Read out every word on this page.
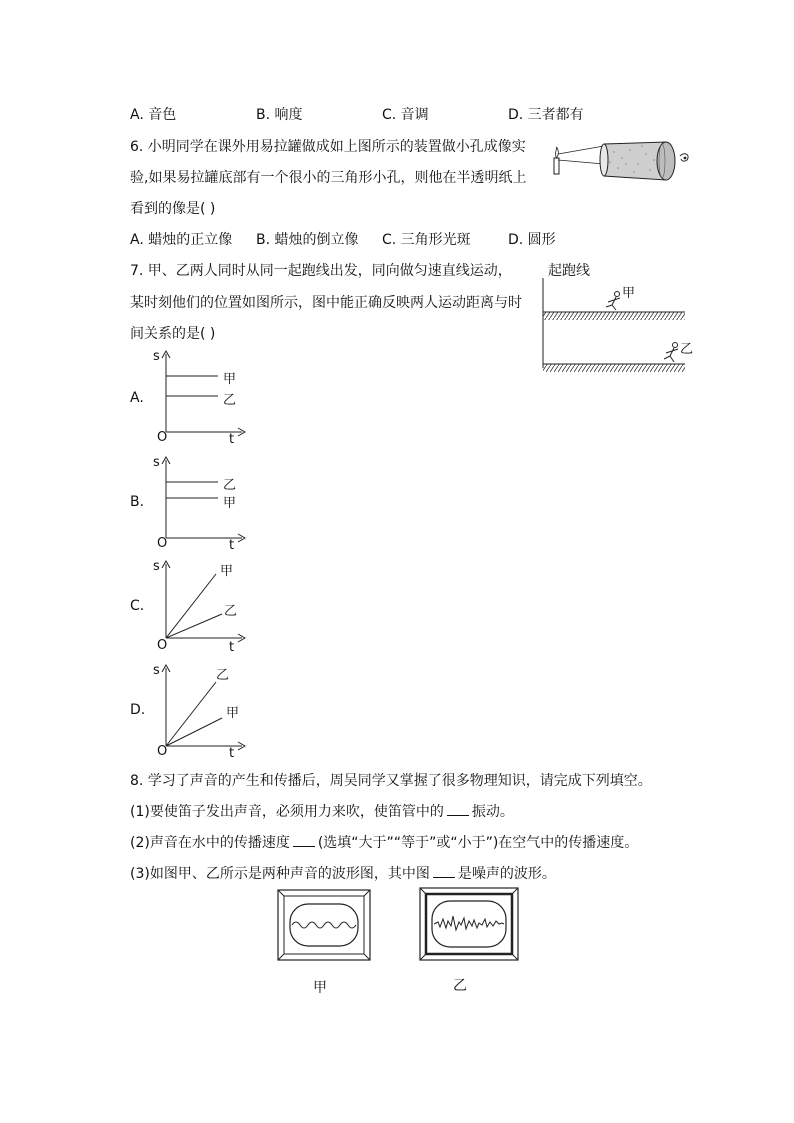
A. 音色	B. 响度	C. 音调	D. 三者都有
6. 小明同学在课外用易拉罐做成如上图所示的装置做小孔成像实
验,如果易拉罐底部有一个很小的三角形小孔，则他在半透明纸上
看到的像是( )
A. 蜡烛的正立像 B. 蜡烛的倒立像 C. 三角形光斑	D. 圆形
7. 甲、乙两人同时从同一起跑线出发，同向做匀速直线运动，
某时刻他们的位置如图所示，图中能正确反映两人运动距离与时
间关系的是( )
起跑线
甲
乙
A.
s
t
O
甲
乙
B.
s
t
O
乙
甲
C.
s
t
O
甲
乙
D.
s
t
O
乙
甲
8. 学习了声音的产生和传播后，周吴同学又掌握了很多物理知识，请完成下列填空。
(1)要使笛子发出声音，必须用力来吹，使笛管中的 振动。
(2)声音在水中的传播速度 (选填“大于”“等于”或“小于”)在空气中的传播速度。
(3)如图甲、乙所示是两种声音的波形图，其中图 是噪声的波形。
甲	乙
